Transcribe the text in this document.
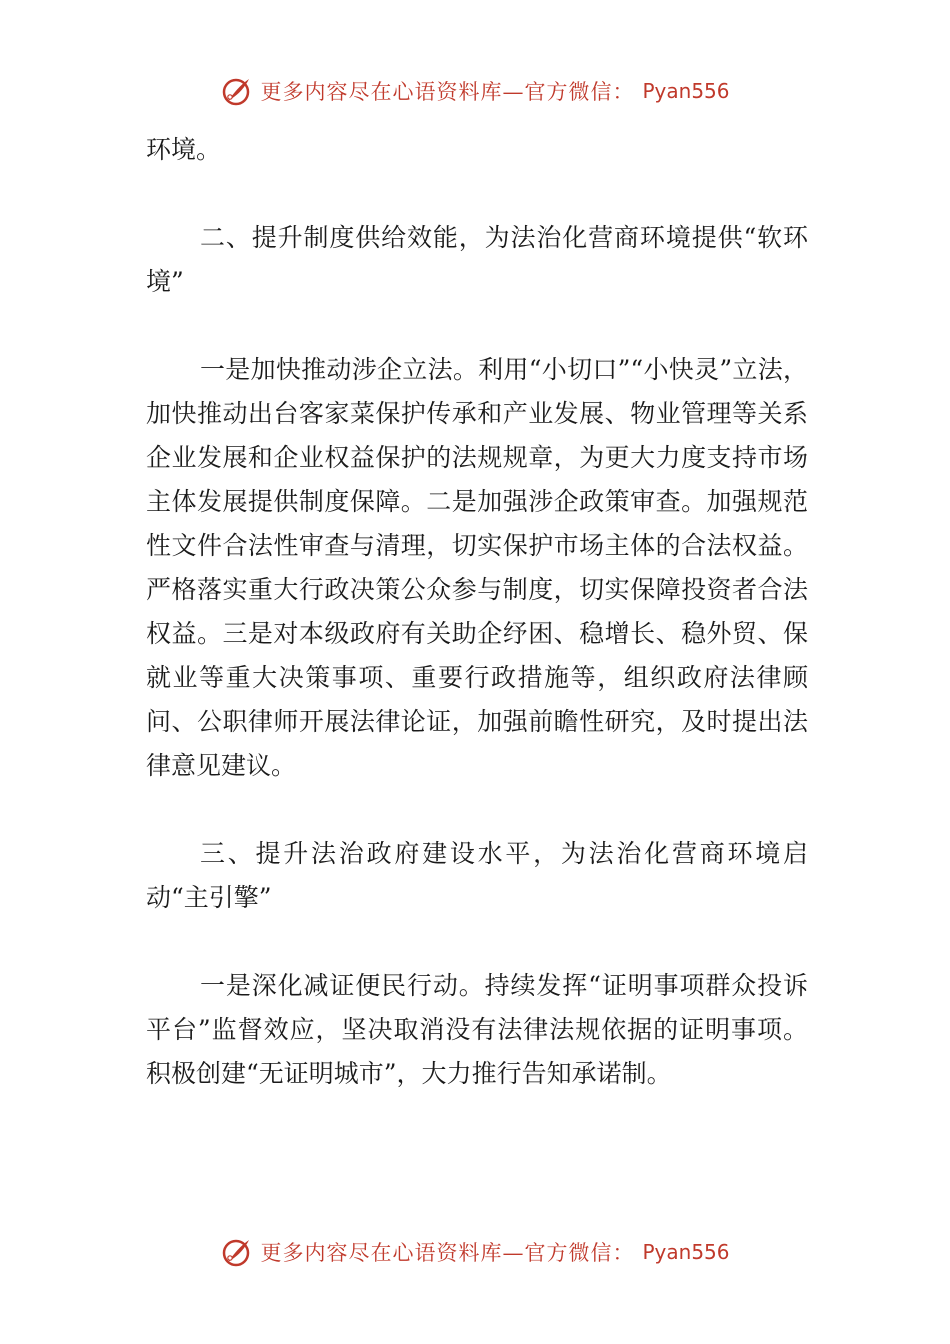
更多内容尽在心语资料库—官方微信： Pyan556

环境。

二、提升制度供给效能，为法治化营商环境提供“软环境”

一是加快推动涉企立法。利用“小切口”“小快灵”立法，加快推动出台客家菜保护传承和产业发展、物业管理等关系企业发展和企业权益保护的法规规章，为更大力度支持市场主体发展提供制度保障。二是加强涉企政策审查。加强规范性文件合法性审查与清理，切实保护市场主体的合法权益。严格落实重大行政决策公众参与制度，切实保障投资者合法权益。三是对本级政府有关助企纾困、稳增长、稳外贸、保就业等重大决策事项、重要行政措施等，组织政府法律顾问、公职律师开展法律论证，加强前瞻性研究，及时提出法律意见建议。

三、提升法治政府建设水平，为法治化营商环境启动“主引擎”

一是深化减证便民行动。持续发挥“证明事项群众投诉平台”监督效应，坚决取消没有法律法规依据的证明事项。积极创建“无证明城市”，大力推行告知承诺制。

更多内容尽在心语资料库—官方微信： Pyan556
